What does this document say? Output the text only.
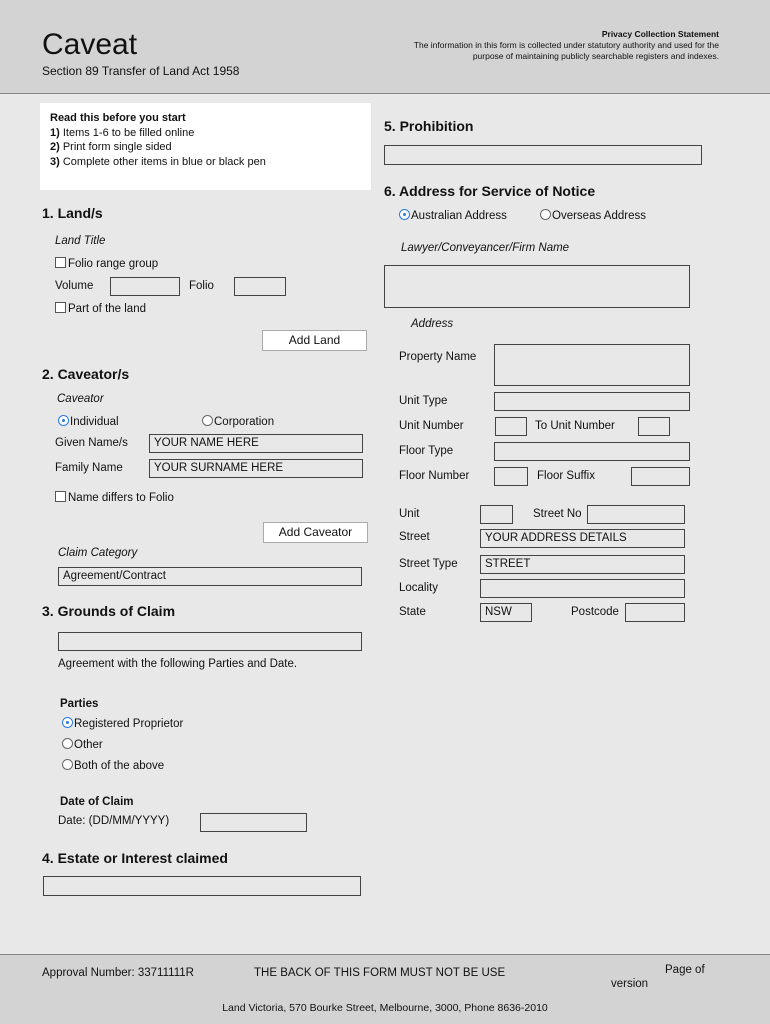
Caveat
Section 89 Transfer of Land Act 1958
Privacy Collection Statement
The information in this form is collected under statutory authority and used for the purpose of maintaining publicly searchable registers and indexes.
Read this before you start
1) Items 1-6 to be filled online
2) Print form single sided
3) Complete other items in blue or black pen
1. Land/s
Land Title
Folio range group
Volume	Folio
Part of the land
Add Land
2. Caveator/s
Caveator
Individual	Corporation
Given Name/s	YOUR NAME HERE
Family Name	YOUR SURNAME HERE
Name differs to Folio
Add Caveator
Claim Category
Agreement/Contract
3. Grounds of Claim
Agreement with the following Parties and Date.
Parties
Registered Proprietor
Other
Both of the above
Date of Claim
Date: (DD/MM/YYYY)
4. Estate or Interest claimed
5. Prohibition
6. Address for Service of Notice
Australian Address	Overseas Address
Lawyer/Conveyancer/Firm Name
Address
Property Name
Unit Type
Unit Number	To Unit Number
Floor Type
Floor Number	Floor Suffix
Unit	Street No
Street	YOUR ADDRESS DETAILS
Street Type	STREET
Locality
State	NSW	Postcode
Approval Number: 33711111R	THE BACK OF THIS FORM MUST NOT BE USE	Page of
version
Land Victoria, 570 Bourke Street, Melbourne, 3000, Phone 8636-2010
